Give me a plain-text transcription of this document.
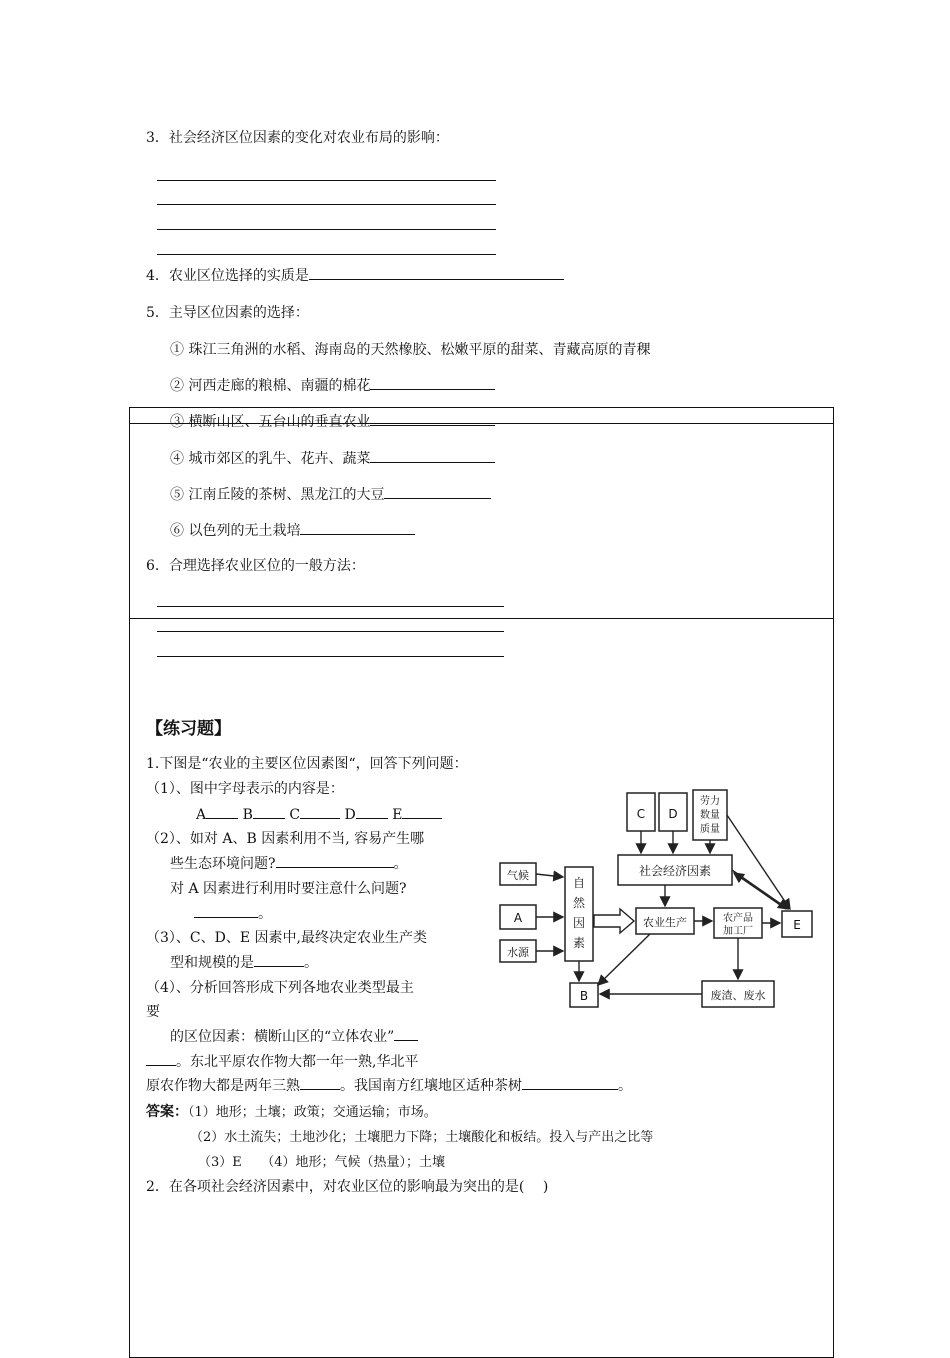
3．社会经济区位因素的变化对农业布局的影响：
4．农业区位选择的实质是
5．主导区位因素的选择：
① 珠江三角洲的水稻、海南岛的天然橡胶、松嫩平原的甜菜、青藏高原的青稞
② 河西走廊的粮棉、南疆的棉花
③ 横断山区、五台山的垂直农业
④ 城市郊区的乳牛、花卉、蔬菜
⑤ 江南丘陵的茶树、黑龙江的大豆
⑥ 以色列的无土栽培
6．合理选择农业区位的一般方法：
【练习题】
1.下图是“农业的主要区位因素图“，回答下列问题：
（1）、图中字母表示的内容是：
A	B	C	D	E
（2）、如对 A、B 因素利用不当, 容易产生哪
些生态环境问题?	。
对 A 因素进行利用时要注意什么问题?
。
（3）、C、D、E 因素中,最终决定农业生产类
型和规模的是	。
（4）、分析回答形成下列各地农业类型最主
要
的区位因素：横断山区的“立体农业”
。东北平原农作物大都一年一熟,华北平
原农作物大都是两年三熟	。我国南方红壤地区适种茶树	。
答案：（1）地形；土壤；政策；交通运输；市场。
（2）水土流失；土地沙化；土壤肥力下降；土壤酸化和板结。投入与产出之比等
（3）E　　（4）地形；气候（热量）；土壤
2．在各项社会经济因素中，对农业区位的影响最为突出的是(　 )
C D
劳力
数量
质量
社会经济因素
气候
A
水源
自
然
因
素
农业生产	农产品
加工厂	E
B	废渣、废水
